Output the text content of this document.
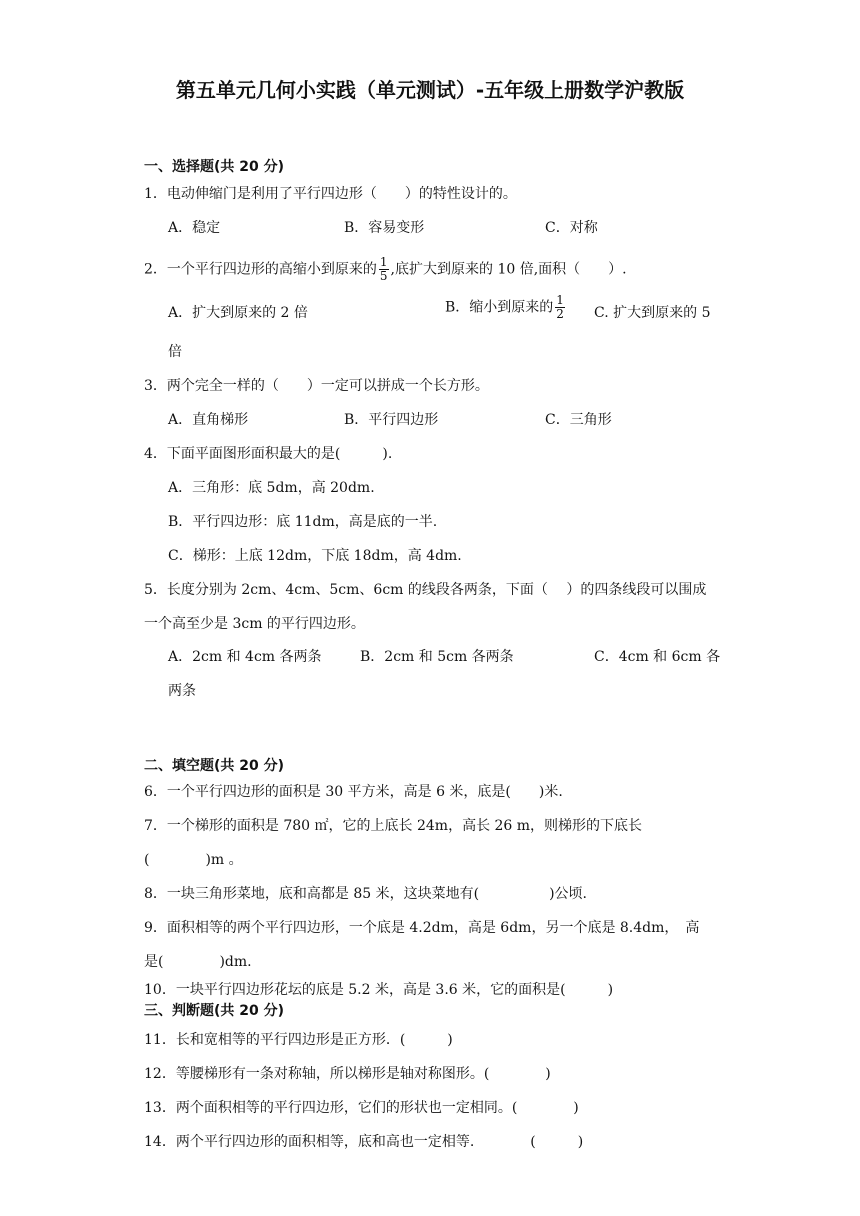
第五单元几何小实践（单元测试）-五年级上册数学沪教版
一、选择题(共 20 分)
1．电动伸缩门是利用了平行四边形（　　）的特性设计的。
A．稳定	B．容易变形	C．对称
2．一个平行四边形的高缩小到原来的 $\frac{1}{5}$ ,底扩大到原来的 10 倍,面积（　　）.
A．扩大到原来的 2 倍	B．缩小到原来的 $\frac{1}{2} C$. 扩大到原来的 5
倍
3．两个完全一样的（　　）一定可以拼成一个长方形。
A．直角梯形	B．平行四边形	C．三角形
4．下面平面图形面积最大的是(　　　).
A．三角形：底 5dm，高 20dm.
B．平行四边形：底 11dm，高是底的一半.
C．梯形：上底 12dm，下底 18dm，高 4dm.
5．长度分别为 2cm、4cm、5cm、6cm 的线段各两条，下面（　 ）的四条线段可以围成
一个高至少是 3cm 的平行四边形。
A．2cm 和 4cm 各两条	B．2cm 和 5cm 各两条	C．4cm 和 6cm 各
两条
二、填空题(共 20 分)
6．一个平行四边形的面积是 30 平方米，高是 6 米，底是(　　)米.
7．一个梯形的面积是 780 ㎡，它的上底长 24m，高长 26 m，则梯形的下底长
(　　　　)m 。
8．一块三角形菜地，底和高都是 85 米，这块菜地有(　　　　　)公顷.
9．面积相等的两个平行四边形，一个底是 4.2dm，高是 6dm，另一个底是 8.4dm，　高
是(　　　　)dm.
10．一块平行四边形花坛的底是 5.2 米，高是 3.6 米，它的面积是(　　　)
三、判断题(共 20 分)
11．长和宽相等的平行四边形是正方形．(　　　)
12．等腰梯形有一条对称轴，所以梯形是轴对称图形。(　　　　)
13．两个面积相等的平行四边形，它们的形状也一定相同。(　　　　)
14．两个平行四边形的面积相等，底和高也一定相等.　　　　(　　　)
